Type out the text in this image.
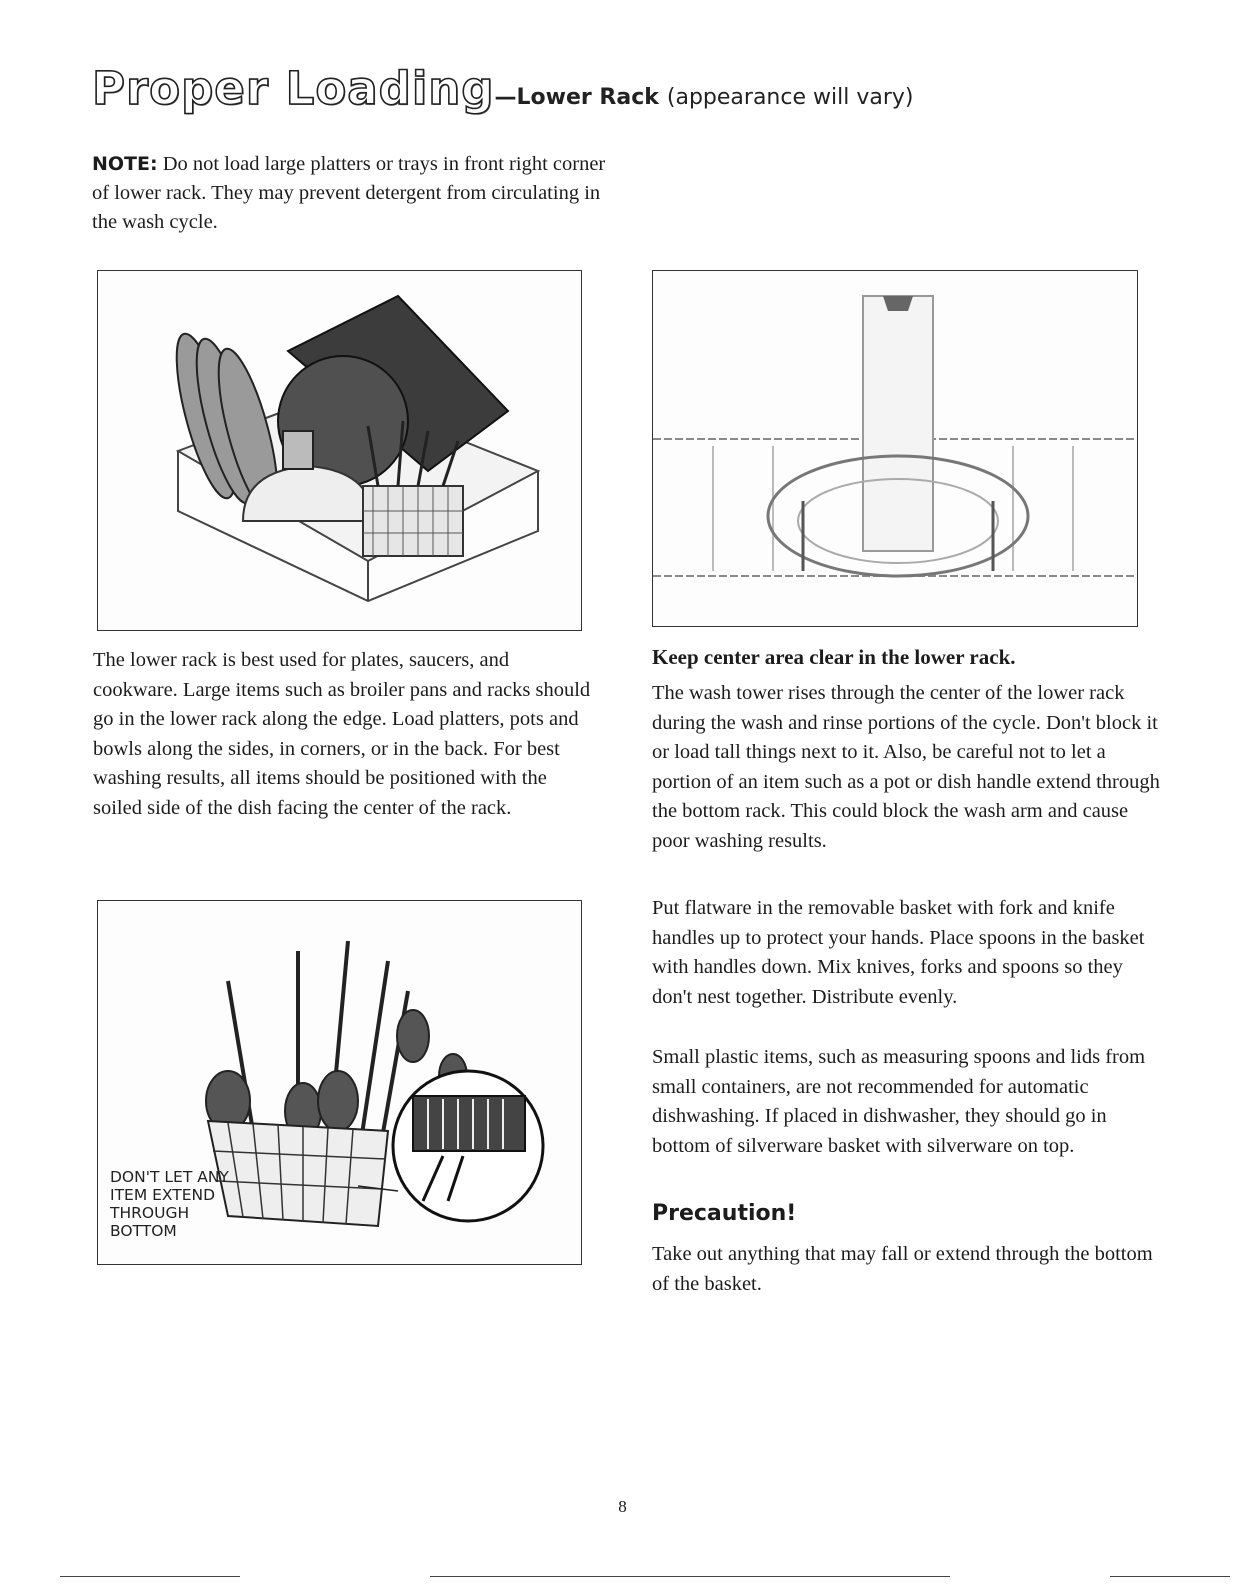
Proper Loading —Lower Rack (appearance will vary)

NOTE: Do not load large platters or trays in front right corner of lower rack. They may prevent detergent from circulating in the wash cycle.

The lower rack is best used for plates, saucers, and cookware. Large items such as broiler pans and racks should go in the lower rack along the edge. Load platters, pots and bowls along the sides, in corners, or in the back. For best washing results, all items should be positioned with the soiled side of the dish facing the center of the rack.

Keep center area clear in the lower rack.

The wash tower rises through the center of the lower rack during the wash and rinse portions of the cycle. Don't block it or load tall things next to it. Also, be careful not to let a portion of an item such as a pot or dish handle extend through the bottom rack. This could block the wash arm and cause poor washing results.

DON'T LET ANY
ITEM EXTEND
THROUGH
BOTTOM

Put flatware in the removable basket with fork and knife handles up to protect your hands. Place spoons in the basket with handles down. Mix knives, forks and spoons so they don't nest together. Distribute evenly.

Small plastic items, such as measuring spoons and lids from small containers, are not recommended for automatic dishwashing. If placed in dishwasher, they should go in bottom of silverware basket with silverware on top.

Precaution!

Take out anything that may fall or extend through the bottom of the basket.

8
